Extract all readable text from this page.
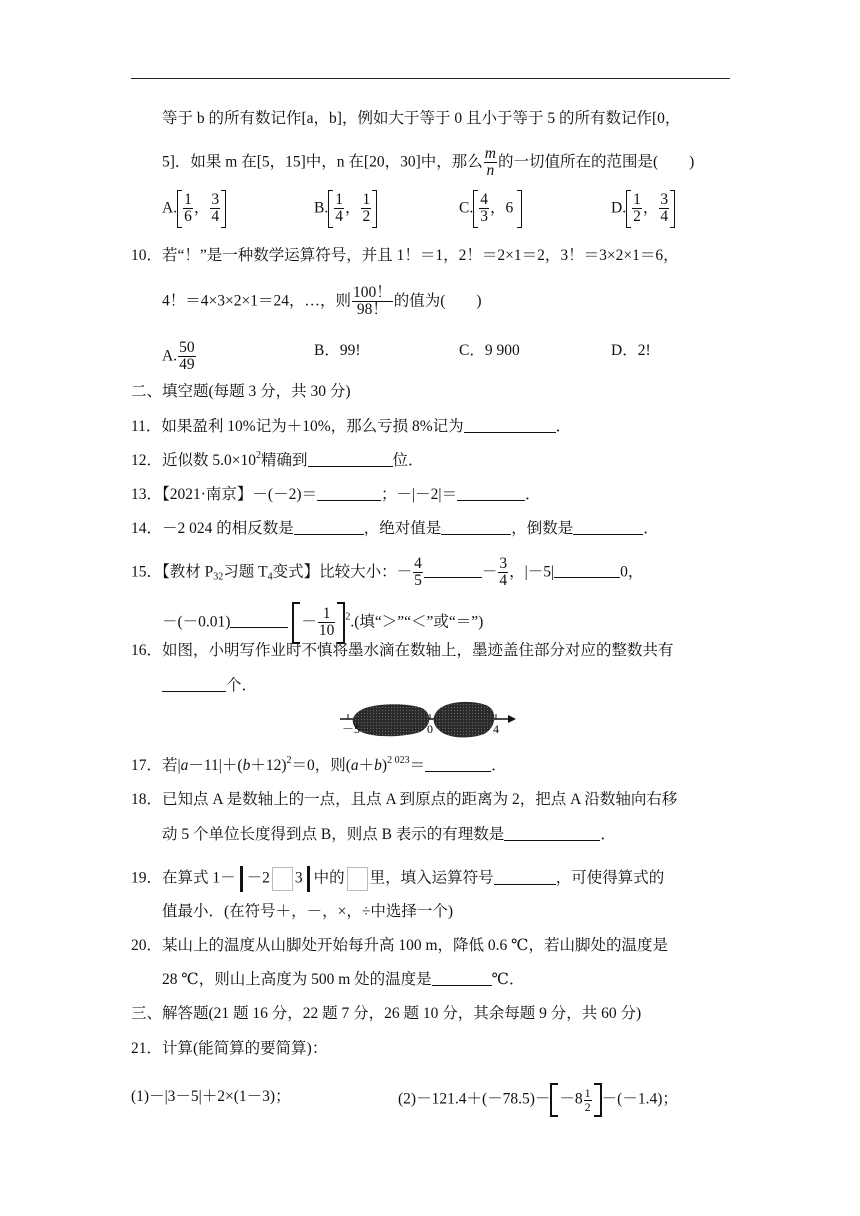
等于 b 的所有数记作[a，b]，例如大于等于 0 且小于等于 5 的所有数记作[0，
5]．如果 m 在[5，15]中，n 在[20，30]中，那么 $\frac{m}{n}$ 的一切值所在的范围是(　　)
A. $\frac{1}{6}$ ， $\frac{3}{4}$	B. $\frac{1}{4}$ ， $\frac{1}{2}$	C. $\frac{4}{3}$ ，6	D. $\frac{1}{2}$ ， $\frac{3}{4}$
10．若“！”是一种数学运算符号，并且 1！＝1，2！＝2×1＝2，3！＝3×2×1＝6，
4！＝4×3×2×1＝24，…，则 $\frac{100!}{98!}$ 的值为(　　)
A. $\frac{50}{49}$	B．99!	C．9 900	D．2!
二、填空题(每题 3 分，共 30 分)
11．如果盈利 10%记为＋10%，那么亏损 8%记为	．
12．近似数 $5.0\times 10^2$精确到	位．
13．【2021·南京】－(－2)＝	；－|－2|＝	．
14．－2 024 的相反数是	，绝对值是	，倒数是	．
15．【教材 $P_{32}$习题 $T_4$变式】比较大小：－ $\frac{4}{5}$	－ $\frac{3}{4}$ ，|－5|	0，
－(－0.01)	－ $\frac{1}{10} ^2$.(填“＞”“＜”或“＝”)
16．如图，小明写作业时不慎将墨水滴在数轴上，墨迹盖住部分对应的整数共有
个．
－5	0	4
17．若$|a-11|+(b+12)^2=0$，则$(a+b)^{2 023}=$	．
18．已知点 A 是数轴上的一点，且点 A 到原点的距离为 2，把点 A 沿数轴向右移
动 5 个单位长度得到点 B，则点 B 表示的有理数是	．
19．在算式 1－ －2 3 中的 里，填入运算符号	，可使得算式的
值最小．(在符号＋，－，×，÷中选择一个)
20．某山上的温度从山脚处开始每升高 100 m，降低 0.6 ℃，若山脚处的温度是
28 ℃，则山上高度为 500 m 处的温度是	℃．
三、解答题(21 题 16 分，22 题 7 分，26 题 10 分，其余每题 9 分，共 60 分)
21．计算(能简算的要简算)：
(1)－|3－5|＋2×(1－3)；	$(2)-121.4+(-78.5)- -8 \frac{1}{2} -(-1.4)$；
